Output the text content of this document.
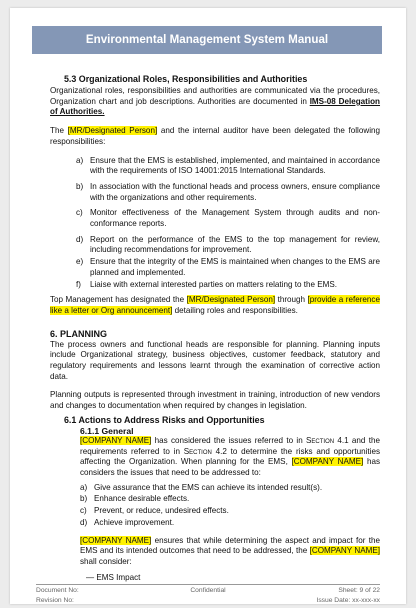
Environmental Management System Manual
5.3 Organizational Roles, Responsibilities and Authorities

Organizational roles, responsibilities and authorities are communicated via the procedures, Organization chart and job descriptions. Authorities are documented in IMS-08 Delegation of Authorities.

The [MR/Designated Person] and the internal auditor have been delegated the following responsibilities:

a) Ensure that the EMS is established, implemented, and maintained in accordance with the requirements of ISO 14001:2015 International Standards.
b) In association with the functional heads and process owners, ensure compliance with the organizations and other requirements.
c) Monitor effectiveness of the Management System through audits and non-conformance reports.
d) Report on the performance of the EMS to the top management for review, including recommendations for improvement.
e) Ensure that the integrity of the EMS is maintained when changes to the EMS are planned and implemented.
f) Liaise with external interested parties on matters relating to the EMS.

Top Management has designated the [MR/Designated Person] through [provide a reference like a letter or Org announcement] detailing roles and responsibilities.

6. PLANNING

The process owners and functional heads are responsible for planning. Planning inputs include Organizational strategy, business objectives, customer feedback, statutory and regulatory requirements and lessons learnt through the examination of corrective action data.

Planning outputs is represented through investment in training, introduction of new vendors and changes to documentation when required by changes in legislation.

6.1 Actions to Address Risks and Opportunities
6.1.1 General

[COMPANY NAME] has considered the issues referred to in Section 4.1 and the requirements referred to in Section 4.2 to determine the risks and opportunities affecting the Organization. When planning for the EMS, [COMPANY NAME] has considers the issues that need to be addressed to:

a) Give assurance that the EMS can achieve its intended result(s).
b) Enhance desirable effects.
c) Prevent, or reduce, undesired effects.
d) Achieve improvement.

[COMPANY NAME] ensures that while determining the aspect and impact for the EMS and its intended outcomes that need to be addressed, the [COMPANY NAME] shall consider:

— EMS Impact

Document No:	Confidential	Sheet: 9 of 22
Revision No:	Issue Date: xx-xxx-xx
